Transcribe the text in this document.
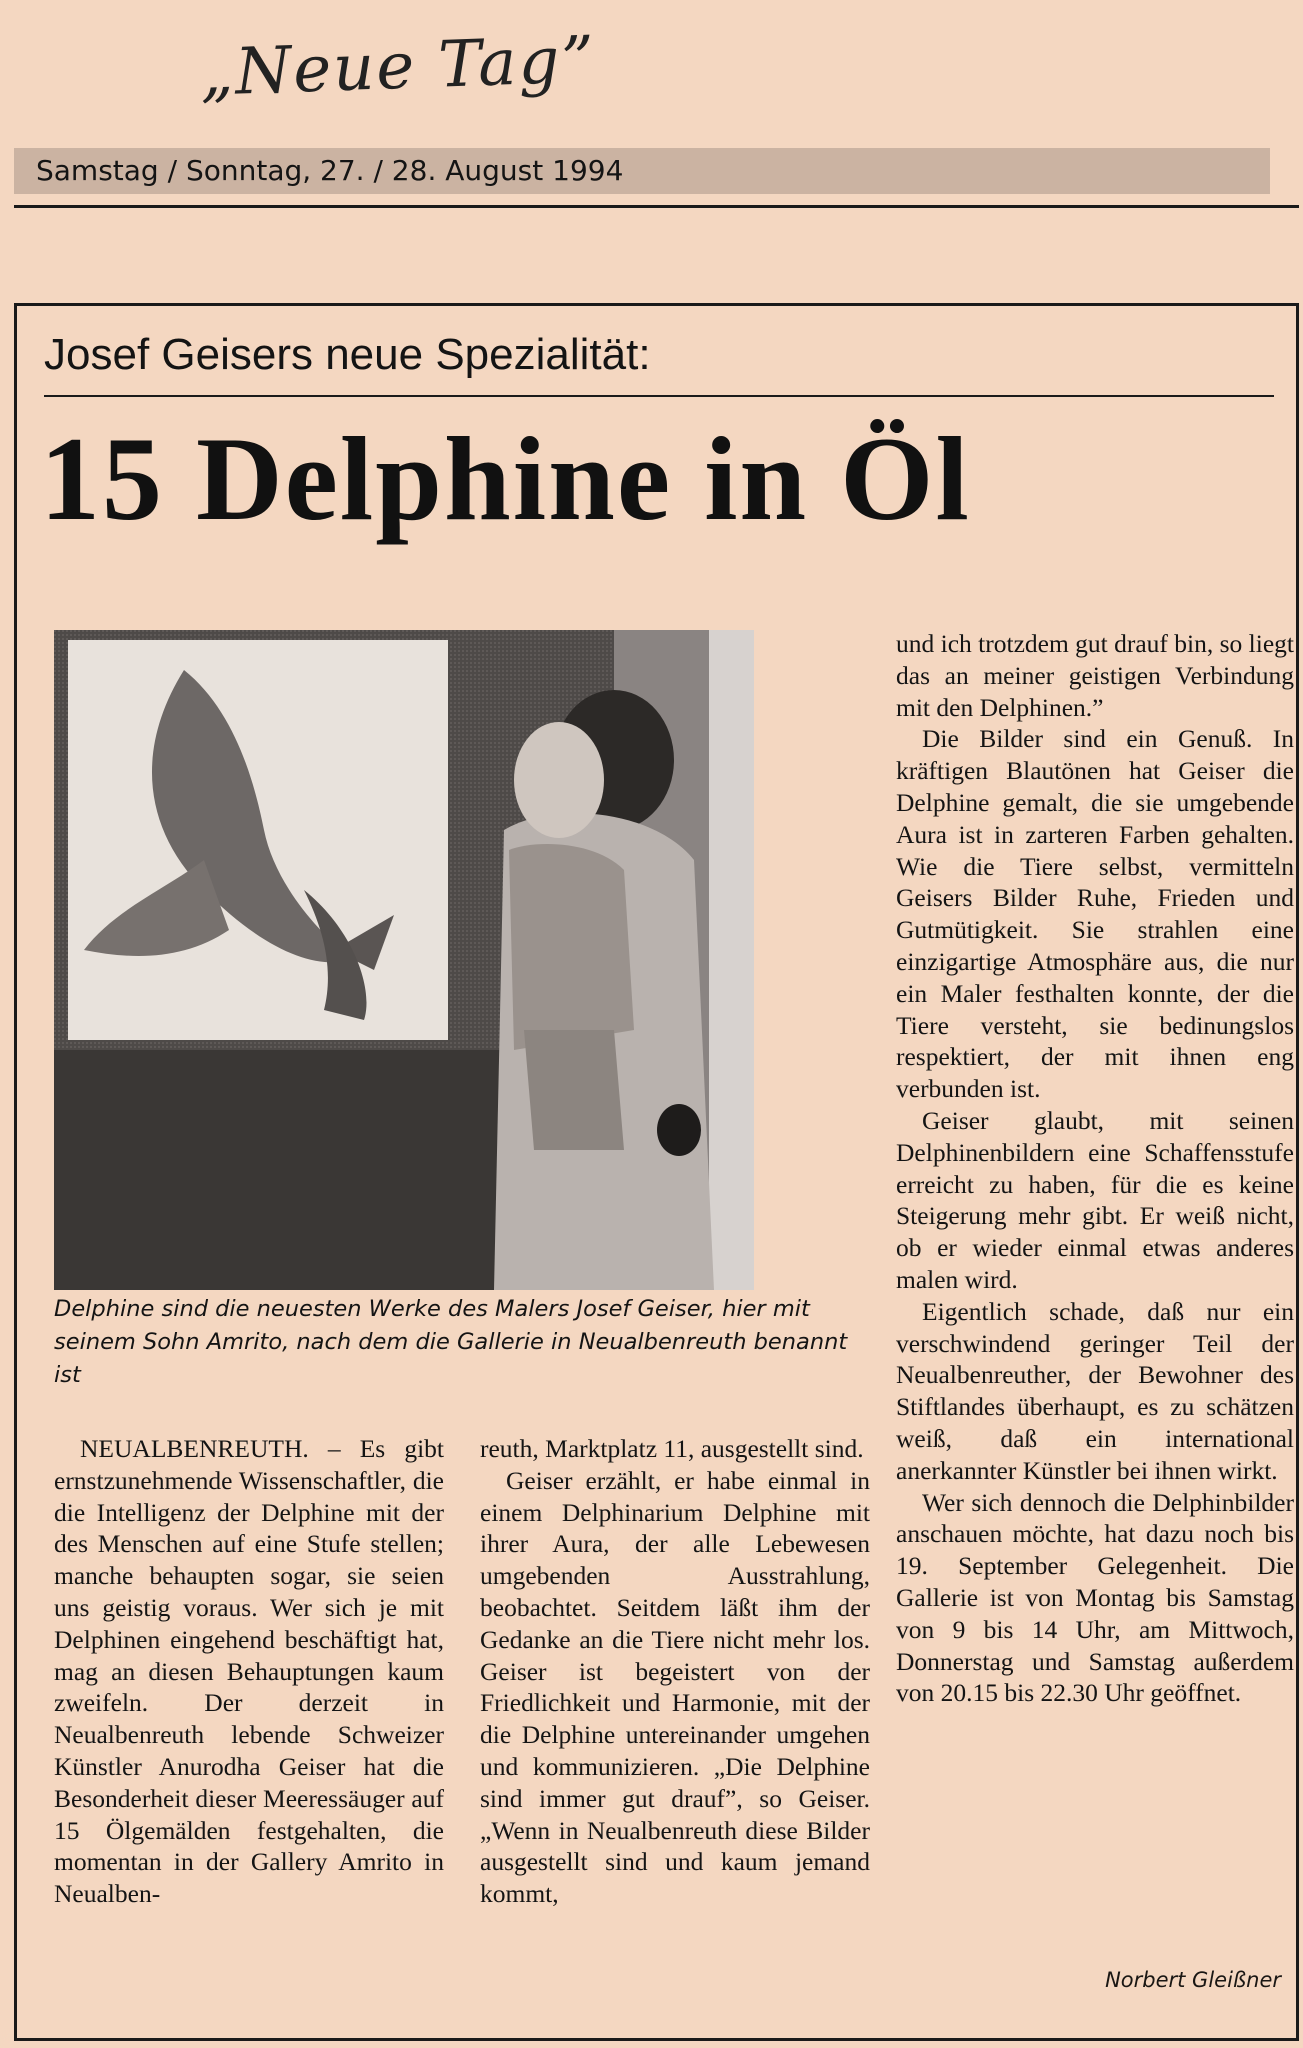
„Neue Tag”
Samstag / Sonntag, 27. / 28. August 1994
Josef Geisers neue Spezialität:
15 Delphine in Öl
Delphine sind die neuesten Werke des Malers Josef Geiser, hier mit seinem Sohn Amrito, nach dem die Gallerie in Neualbenreuth benannt ist

NEUALBENREUTH. – Es gibt ernstzunehmende Wissenschaftler, die die Intelligenz der Delphine mit der des Menschen auf eine Stufe stellen; manche behaupten sogar, sie seien uns geistig voraus. Wer sich je mit Delphinen eingehend beschäftigt hat, mag an diesen Behauptungen kaum zweifeln. Der derzeit in Neualbenreuth lebende Schweizer Künstler Anurodha Geiser hat die Besonderheit dieser Meeressäuger auf 15 Ölgemälden festgehalten, die momentan in der Gallery Amrito in Neualben-

reuth, Marktplatz 11, ausgestellt sind.

Geiser erzählt, er habe einmal in einem Delphinarium Delphine mit ihrer Aura, der alle Lebewesen umgebenden Ausstrahlung, beobachtet. Seitdem läßt ihm der Gedanke an die Tiere nicht mehr los. Geiser ist begeistert von der Friedlichkeit und Harmonie, mit der die Delphine untereinander umgehen und kommunizieren. „Die Delphine sind immer gut drauf”, so Geiser. „Wenn in Neualbenreuth diese Bilder ausgestellt sind und kaum jemand kommt,

und ich trotzdem gut drauf bin, so liegt das an meiner geistigen Verbindung mit den Delphinen.”

Die Bilder sind ein Genuß. In kräftigen Blautönen hat Geiser die Delphine gemalt, die sie umgebende Aura ist in zarteren Farben gehalten. Wie die Tiere selbst, vermitteln Geisers Bilder Ruhe, Frieden und Gutmütigkeit. Sie strahlen eine einzigartige Atmosphäre aus, die nur ein Maler festhalten konnte, der die Tiere versteht, sie bedinungslos respektiert, der mit ihnen eng verbunden ist.

Geiser glaubt, mit seinen Delphinenbildern eine Schaffensstufe erreicht zu haben, für die es keine Steigerung mehr gibt. Er weiß nicht, ob er wieder einmal etwas anderes malen wird.

Eigentlich schade, daß nur ein verschwindend geringer Teil der Neualbenreuther, der Bewohner des Stiftlandes überhaupt, es zu schätzen weiß, daß ein international anerkannter Künstler bei ihnen wirkt.

Wer sich dennoch die Delphinbilder anschauen möchte, hat dazu noch bis 19. September Gelegenheit. Die Gallerie ist von Montag bis Samstag von 9 bis 14 Uhr, am Mittwoch, Donnerstag und Samstag außerdem von 20.15 bis 22.30 Uhr geöffnet.

Norbert Gleißner
